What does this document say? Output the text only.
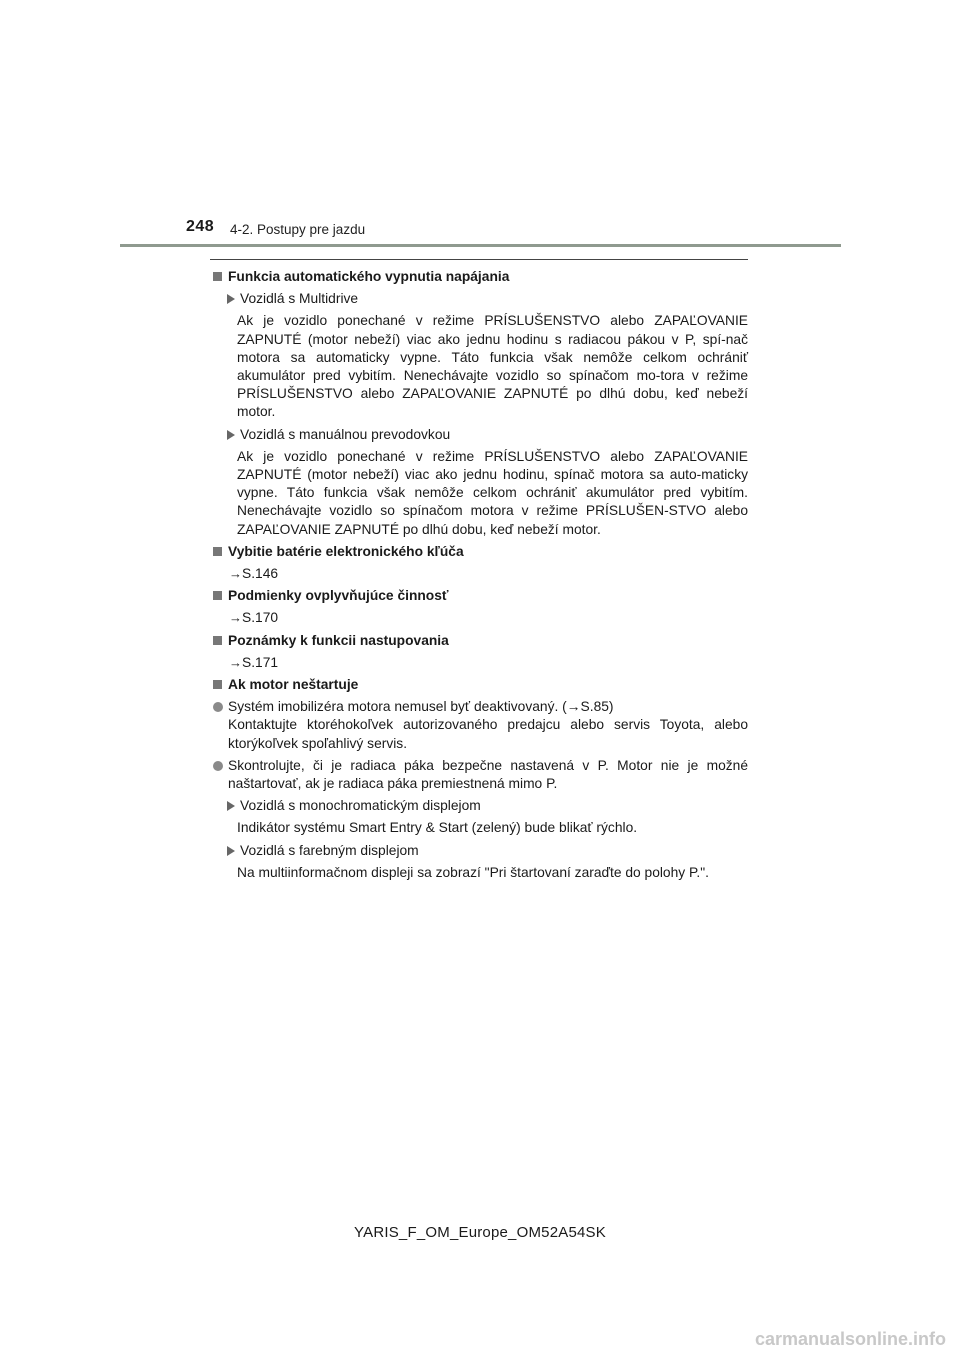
248 4-2. Postupy pre jazdu
Funkcia automatického vypnutia napájania
Vozidlá s Multidrive
Ak je vozidlo ponechané v režime PRÍSLUŠENSTVO alebo ZAPAĽOVANIE ZAPNUTÉ (motor nebeží) viac ako jednu hodinu s radiacou pákou v P, spí-nač motora sa automaticky vypne. Táto funkcia však nemôže celkom ochrániť akumulátor pred vybitím. Nenechávajte vozidlo so spínačom mo-tora v režime PRÍSLUŠENSTVO alebo ZAPAĽOVANIE ZAPNUTÉ po dlhú dobu, keď nebeží motor.
Vozidlá s manuálnou prevodovkou
Ak je vozidlo ponechané v režime PRÍSLUŠENSTVO alebo ZAPAĽOVANIE ZAPNUTÉ (motor nebeží) viac ako jednu hodinu, spínač motora sa auto-maticky vypne. Táto funkcia však nemôže celkom ochrániť akumulátor pred vybitím. Nenechávajte vozidlo so spínačom motora v režime PRÍSLUŠEN-STVO alebo ZAPAĽOVANIE ZAPNUTÉ po dlhú dobu, keď nebeží motor.
Vybitie batérie elektronického kľúča
→S.146
Podmienky ovplyvňujúce činnosť
→S.170
Poznámky k funkcii nastupovania
→S.171
Ak motor neštartuje
Systém imobilizéra motora nemusel byť deaktivovaný. (→S.85)
Kontaktujte ktoréhokoľvek autorizovaného predajcu alebo servis Toyota, alebo ktorýkoľvek spoľahlivý servis.
Skontrolujte, či je radiaca páka bezpečne nastavená v P. Motor nie je možné naštartovať, ak je radiaca páka premiestnená mimo P.
Vozidlá s monochromatickým displejom
Indikátor systému Smart Entry & Start (zelený) bude blikať rýchlo.
Vozidlá s farebným displejom
Na multiinformačnom displeji sa zobrazí "Pri štartovaní zaraďte do polohy P.".
YARIS_F_OM_Europe_OM52A54SK
carmanualsonline.info
